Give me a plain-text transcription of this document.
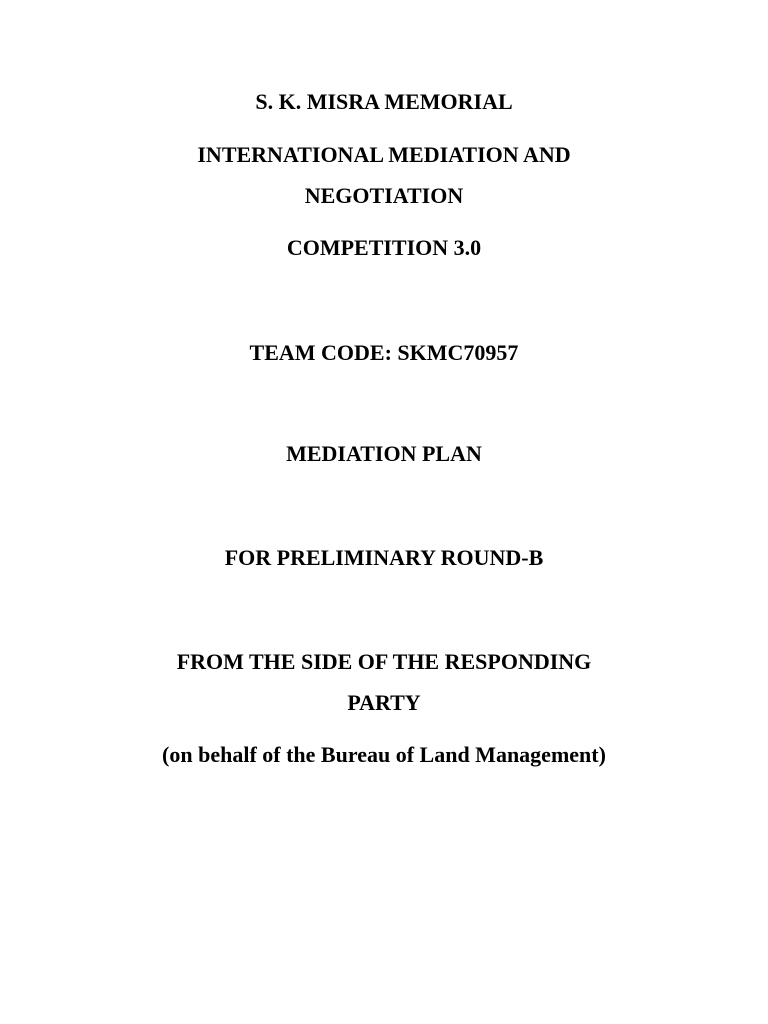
S. K. MISRA MEMORIAL
INTERNATIONAL MEDIATION AND
NEGOTIATION
COMPETITION 3.0
TEAM CODE: SKMC70957
MEDIATION PLAN
FOR PRELIMINARY ROUND-B
FROM THE SIDE OF THE RESPONDING
PARTY
(on behalf of the Bureau of Land Management)
